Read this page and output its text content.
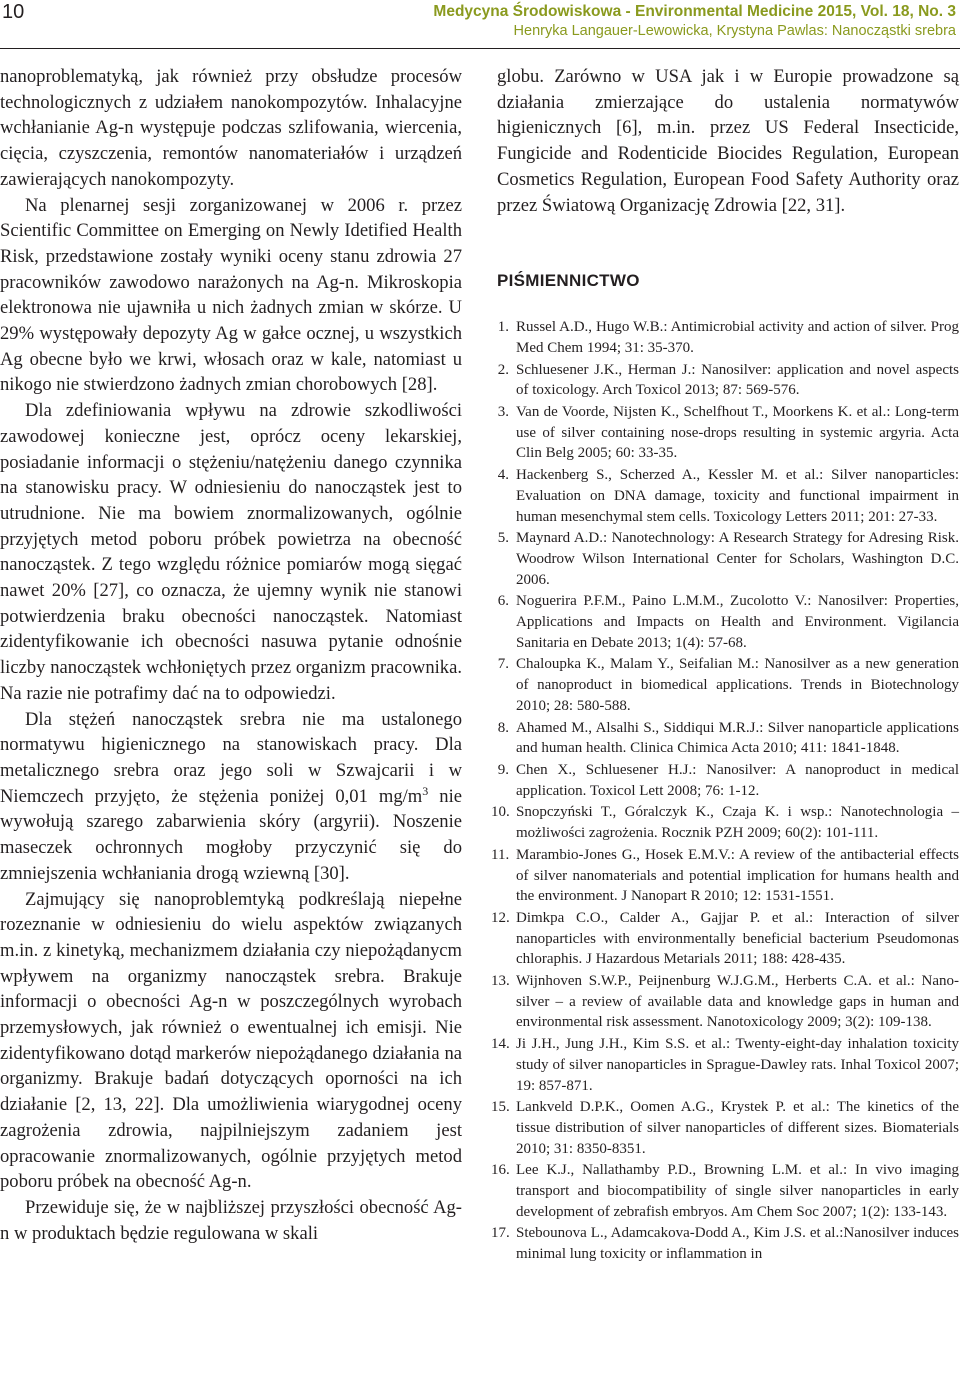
10	Medycyna Środowiskowa - Environmental Medicine 2015, Vol. 18, No. 3
Henryka Langauer-Lewowicka, Krystyna Pawlas: Nanocząstki srebra

nanoproblematyką, jak również przy obsłudze procesów technologicznych z udziałem nanokompozytów. Inhalacyjne wchłanianie Ag-n występuje podczas szlifowania, wiercenia, cięcia, czyszczenia, remontów nanomateriałów i urządzeń zawierających nanokompozyty.

Na plenarnej sesji zorganizowanej w 2006 r. przez Scientific Committee on Emerging on Newly Idetified Health Risk, przedstawione zostały wyniki oceny stanu zdrowia 27 pracowników zawodowo narażonych na Ag-n. Mikroskopia elektronowa nie ujawniła u nich żadnych zmian w skórze. U 29% występowały depozyty Ag w gałce ocznej, u wszystkich Ag obecne było we krwi, włosach oraz w kale, natomiast u nikogo nie stwierdzono żadnych zmian chorobowych [28].

Dla zdefiniowania wpływu na zdrowie szkodliwości zawodowej konieczne jest, oprócz oceny lekarskiej, posiadanie informacji o stężeniu/natężeniu danego czynnika na stanowisku pracy. W odniesieniu do nanocząstek jest to utrudnione. Nie ma bowiem znormalizowanych, ogólnie przyjętych metod poboru próbek powietrza na obecność nanocząstek. Z tego względu różnice pomiarów mogą sięgać nawet 20% [27], co oznacza, że ujemny wynik nie stanowi potwierdzenia braku obecności nanocząstek. Natomiast zidentyfikowanie ich obecności nasuwa pytanie odnośnie liczby nanocząstek wchłoniętych przez organizm pracownika. Na razie nie potrafimy dać na to odpowiedzi.

Dla stężeń nanocząstek srebra nie ma ustalonego normatywu higienicznego na stanowiskach pracy. Dla metalicznego srebra oraz jego soli w Szwajcarii i w Niemczech przyjęto, że stężenia poniżej 0,01 $mg/m^3$ nie wywołują szarego zabarwienia skóry (argyrii). Noszenie maseczek ochronnych mogłoby przyczynić się do zmniejszenia wchłaniania drogą wziewną [30].

Zajmujący się nanoproblemtyką podkreślają niepełne rozeznanie w odniesieniu do wielu aspektów związanych m.in. z kinetyką, mechanizmem działania czy niepożądanycm wpływem na organizmy nanocząstek srebra. Brakuje informacji o obecności Ag-n w poszczególnych wyrobach przemysłowych, jak również o ewentualnej ich emisji. Nie zidentyfikowano dotąd markerów niepożądanego działania na organizmy. Brakuje badań dotyczących oporności na ich działanie [2, 13, 22]. Dla umożliwienia wiarygodnej oceny zagrożenia zdrowia, najpilniejszym zadaniem jest opracowanie znormalizowanych, ogólnie przyjętych metod poboru próbek na obecność Ag-n.

Przewiduje się, że w najbliższej przyszłości obecność Ag-n w produktach będzie regulowana w skali

globu. Zarówno w USA jak i w Europie prowadzone są działania zmierzające do ustalenia normatywów higienicznych [6], m.in. przez US Federal Insecticide, Fungicide and Rodenticide Biocides Regulation, European Cosmetics Regulation, European Food Safety Authority oraz przez Światową Organizację Zdrowia [22, 31].

PIŚMIENNICTWO
1. Russel A.D., Hugo W.B.: Antimicrobial activity and action of silver. Prog Med Chem 1994; 31: 35-370.
2. Schluesener J.K., Herman J.: Nanosilver: application and novel aspects of toxicology. Arch Toxicol 2013; 87: 569-576.
3. Van de Voorde, Nijsten K., Schelfhout T., Moorkens K. et al.: Long-term use of silver containing nose-drops resulting in systemic argyria. Acta Clin Belg 2005; 60: 33-35.
4. Hackenberg S., Scherzed A., Kessler M. et al.: Silver nanoparticles: Evaluation on DNA damage, toxicity and functional impairment in human mesenchymal stem cells. Toxicology Letters 2011; 201: 27-33.
5. Maynard A.D.: Nanotechnology: A Research Strategy for Adresing Risk. Woodrow Wilson International Center for Scholars, Washington D.C. 2006.
6. Noguerira P.F.M., Paino L.M.M., Zucolotto V.: Nanosilver: Properties, Applications and Impacts on Health and Environment. Vigilancia Sanitaria en Debate 2013; 1(4): 57-68.
7. Chaloupka K., Malam Y., Seifalian M.: Nanosilver as a new generation of nanoproduct in biomedical applications. Trends in Biotechnology 2010; 28: 580-588.
8. Ahamed M., Alsalhi S., Siddiqui M.R.J.: Silver nanoparticle applications and human health. Clinica Chimica Acta 2010; 411: 1841-1848.
9. Chen X., Schluesener H.J.: Nanosilver: A nanoproduct in medical application. Toxicol Lett 2008; 76: 1-12.
10. Snopczyński T., Góralczyk K., Czaja K. i wsp.: Nanotechnologia – możliwości zagrożenia. Rocznik PZH 2009; 60(2): 101-111.
11. Marambio-Jones G., Hosek E.M.V.: A review of the antibacterial effects of silver nanomaterials and potential implication for humans health and the environment. J Nanopart R 2010; 12: 1531-1551.
12. Dimkpa C.O., Calder A., Gajjar P. et al.: Interaction of silver nanoparticles with environmentally beneficial bacterium Pseudomonas chloraphis. J Hazardous Metarials 2011; 188: 428-435.
13. Wijnhoven S.W.P., Peijnenburg W.J.G.M., Herberts C.A. et al.: Nano-silver – a review of available data and knowledge gaps in human and environmental risk assessment. Nanotoxicology 2009; 3(2): 109-138.
14. Ji J.H., Jung J.H., Kim S.S. et al.: Twenty-eight-day inhalation toxicity study of silver nanoparticles in Sprague-Dawley rats. Inhal Toxicol 2007; 19: 857-871.
15. Lankveld D.P.K., Oomen A.G., Krystek P. et al.: The kinetics of the tissue distribution of silver nanoparticles of different sizes. Biomaterials 2010; 31: 8350-8351.
16. Lee K.J., Nallathamby P.D., Browning L.M. et al.: In vivo imaging transport and biocompatibility of single silver nanoparticles in early development of zebrafish embryos. Am Chem Soc 2007; 1(2): 133-143.
17. Stebounova L., Adamcakova-Dodd A., Kim J.S. et al.:Nanosilver induces minimal lung toxicity or inflammation in
